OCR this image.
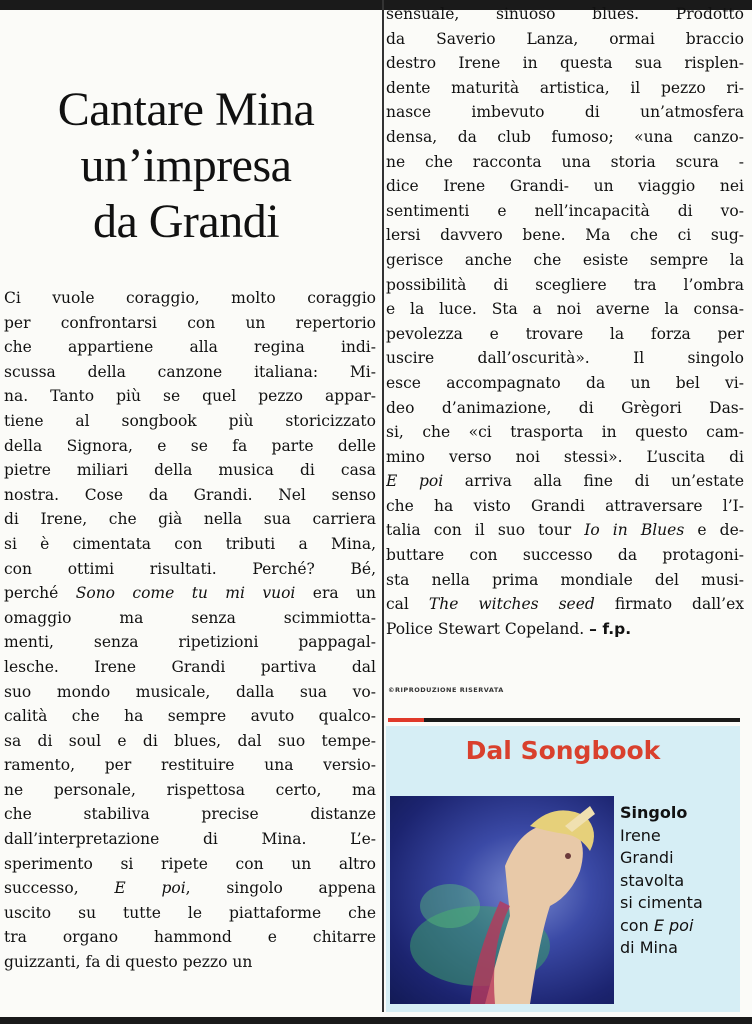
Cantare Mina
un’impresa
da Grandi
Ci vuole coraggio, molto coraggio
per confrontarsi con un repertorio
che appartiene alla regina indi-
scussa della canzone italiana: Mi-
na. Tanto più se quel pezzo appar-
tiene al songbook più storicizzato
della Signora, e se fa parte delle
pietre miliari della musica di casa
nostra. Cose da Grandi. Nel senso
di Irene, che già nella sua carriera
si è cimentata con tributi a Mina,
con ottimi risultati. Perché? Bé,
perché Sono come tu mi vuoi era un
omaggio ma senza scimmiotta-
menti, senza ripetizioni pappagal-
lesche. Irene Grandi partiva dal
suo mondo musicale, dalla sua vo-
calità che ha sempre avuto qualco-
sa di soul e di blues, dal suo tempe-
ramento, per restituire una versio-
ne personale, rispettosa certo, ma
che stabiliva precise distanze
dall’interpretazione di Mina. L’e-
sperimento si ripete con un altro
successo, E poi, singolo appena
uscito su tutte le piattaforme che
tra organo hammond e chitarre
guizzanti, fa di questo pezzo un
sensuale, sinuoso blues. Prodotto
da Saverio Lanza, ormai braccio
destro Irene in questa sua risplen-
dente maturità artistica, il pezzo ri-
nasce imbevuto di un’atmosfera
densa, da club fumoso; «una canzo-
ne che racconta una storia scura -
dice Irene Grandi- un viaggio nei
sentimenti e nell’incapacità di vo-
lersi davvero bene. Ma che ci sug-
gerisce anche che esiste sempre la
possibilità di scegliere tra l’ombra
e la luce. Sta a noi averne la consa-
pevolezza e trovare la forza per
uscire dall’oscurità». Il singolo
esce accompagnato da un bel vi-
deo d’animazione, di Grègori Das-
si, che «ci trasporta in questo cam-
mino verso noi stessi». L’uscita di
E poi arriva alla fine di un’estate
che ha visto Grandi attraversare l’I-
talia con il suo tour Io in Blues e de-
buttare con successo da protagoni-
sta nella prima mondiale del musi-
cal The witches seed firmato dall’ex
Police Stewart Copeland. – f.p.
©RIPRODUZIONE RISERVATA
Dal Songbook
Singolo
Irene
Grandi
stavolta
si cimenta
con E poi
di Mina
